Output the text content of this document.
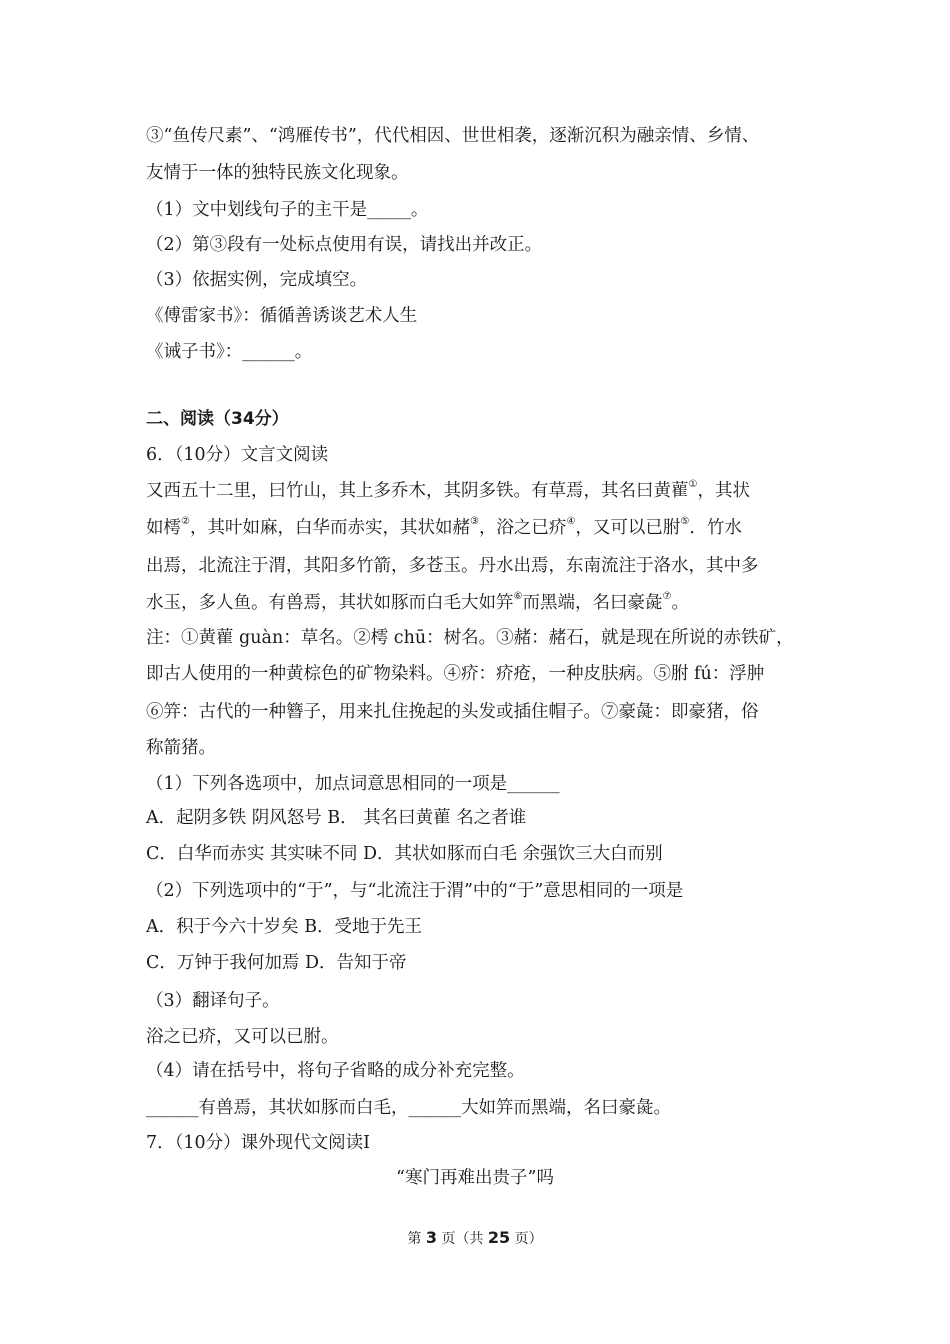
③“鱼传尺素”、“鸿雁传书”，代代相因、世世相袭，逐渐沉积为融亲情、乡情、
友情于一体的独特民族文化现象。
（1）文中划线句子的主干是_____。
（2）第③段有一处标点使用有误，请找出并改正。
（3）依据实例，完成填空。
《傅雷家书》：循循善诱谈艺术人生
《诫子书》：______。
二、阅读（34分）
6．（10分）文言文阅读
又西五十二里，曰竹山，其上多乔木，其阴多铁。有草焉，其名曰黄雚①，其状
如樗②，其叶如麻，白华而赤实，其状如赭③，浴之已疥④，又可以已胕⑤．竹水
出焉，北流注于渭，其阳多竹箭，多苍玉。丹水出焉，东南流注于洛水，其中多
水玉，多人鱼。有兽焉，其状如豚而白毛大如笄⑥而黑端，名曰豪彘⑦。
注：①黄雚 guàn：草名。②樗 chū：树名。③赭：赭石，就是现在所说的赤铁矿，
即古人使用的一种黄棕色的矿物染料。④疥：疥疮，一种皮肤病。⑤胕 fú：浮肿
⑥笄：古代的一种簪子，用来扎住挽起的头发或插住帽子。⑦豪彘：即豪猪，俗
称箭猪。
（1）下列各选项中，加点词意思相同的一项是______
A．起阴多铁 阴风怒号 B． 其名曰黄雚 名之者谁
C．白华而赤实 其实味不同 D．其状如豚而白毛 余强饮三大白而别
（2）下列选项中的“于”，与“北流注于渭”中的“于”意思相同的一项是
A．积于今六十岁矣 B．受地于先王
C．万钟于我何加焉 D．告知于帝
（3）翻译句子。
浴之已疥，又可以已胕。
（4）请在括号中，将句子省略的成分补充完整。
______有兽焉，其状如豚而白毛，______大如笄而黑端，名曰豪彘。
7．（10分）课外现代文阅读Ⅰ
“寒门再难出贵子”吗
第 3 页（共 25 页）
